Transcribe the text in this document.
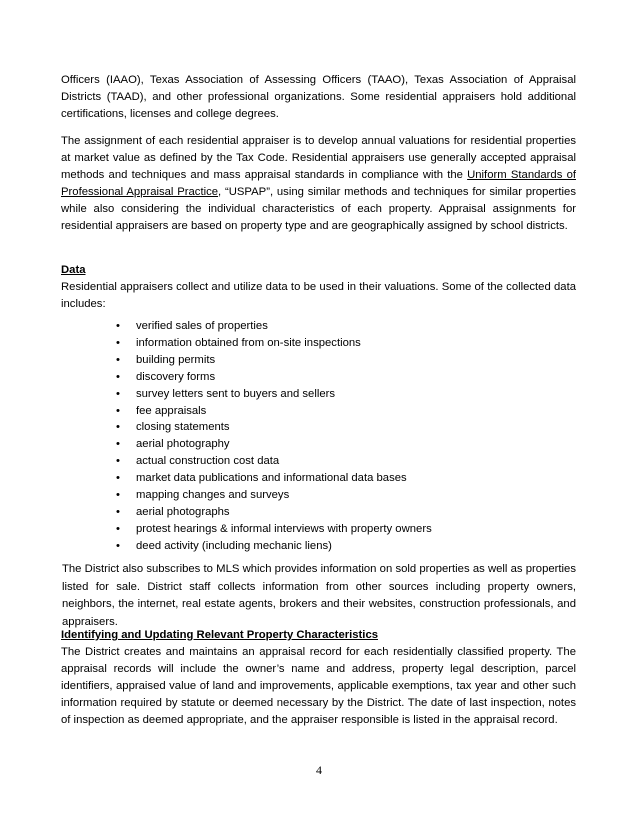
Officers (IAAO), Texas Association of Assessing Officers (TAAO), Texas Association of Appraisal Districts (TAAD), and other professional organizations. Some residential appraisers hold additional certifications, licenses and college degrees.
The assignment of each residential appraiser is to develop annual valuations for residential properties at market value as defined by the Tax Code. Residential appraisers use generally accepted appraisal methods and techniques and mass appraisal standards in compliance with the Uniform Standards of Professional Appraisal Practice, “USPAP”, using similar methods and techniques for similar properties while also considering the individual characteristics of each property. Appraisal assignments for residential appraisers are based on property type and are geographically assigned by school districts.
Data
Residential appraisers collect and utilize data to be used in their valuations. Some of the collected data includes:
• verified sales of properties
• information obtained from on-site inspections
• building permits
• discovery forms
• survey letters sent to buyers and sellers
• fee appraisals
• closing statements
• aerial photography
• actual construction cost data
• market data publications and informational data bases
• mapping changes and surveys
• aerial photographs
• protest hearings & informal interviews with property owners
• deed activity (including mechanic liens)
The District also subscribes to MLS which provides information on sold properties as well as properties listed for sale. District staff collects information from other sources including property owners, neighbors, the internet, real estate agents, brokers and their websites, construction professionals, and appraisers.
Identifying and Updating Relevant Property Characteristics
The District creates and maintains an appraisal record for each residentially classified property. The appraisal records will include the owner’s name and address, property legal description, parcel identifiers, appraised value of land and improvements, applicable exemptions, tax year and other such information required by statute or deemed necessary by the District. The date of last inspection, notes of inspection as deemed appropriate, and the appraiser responsible is listed in the appraisal record.
4
